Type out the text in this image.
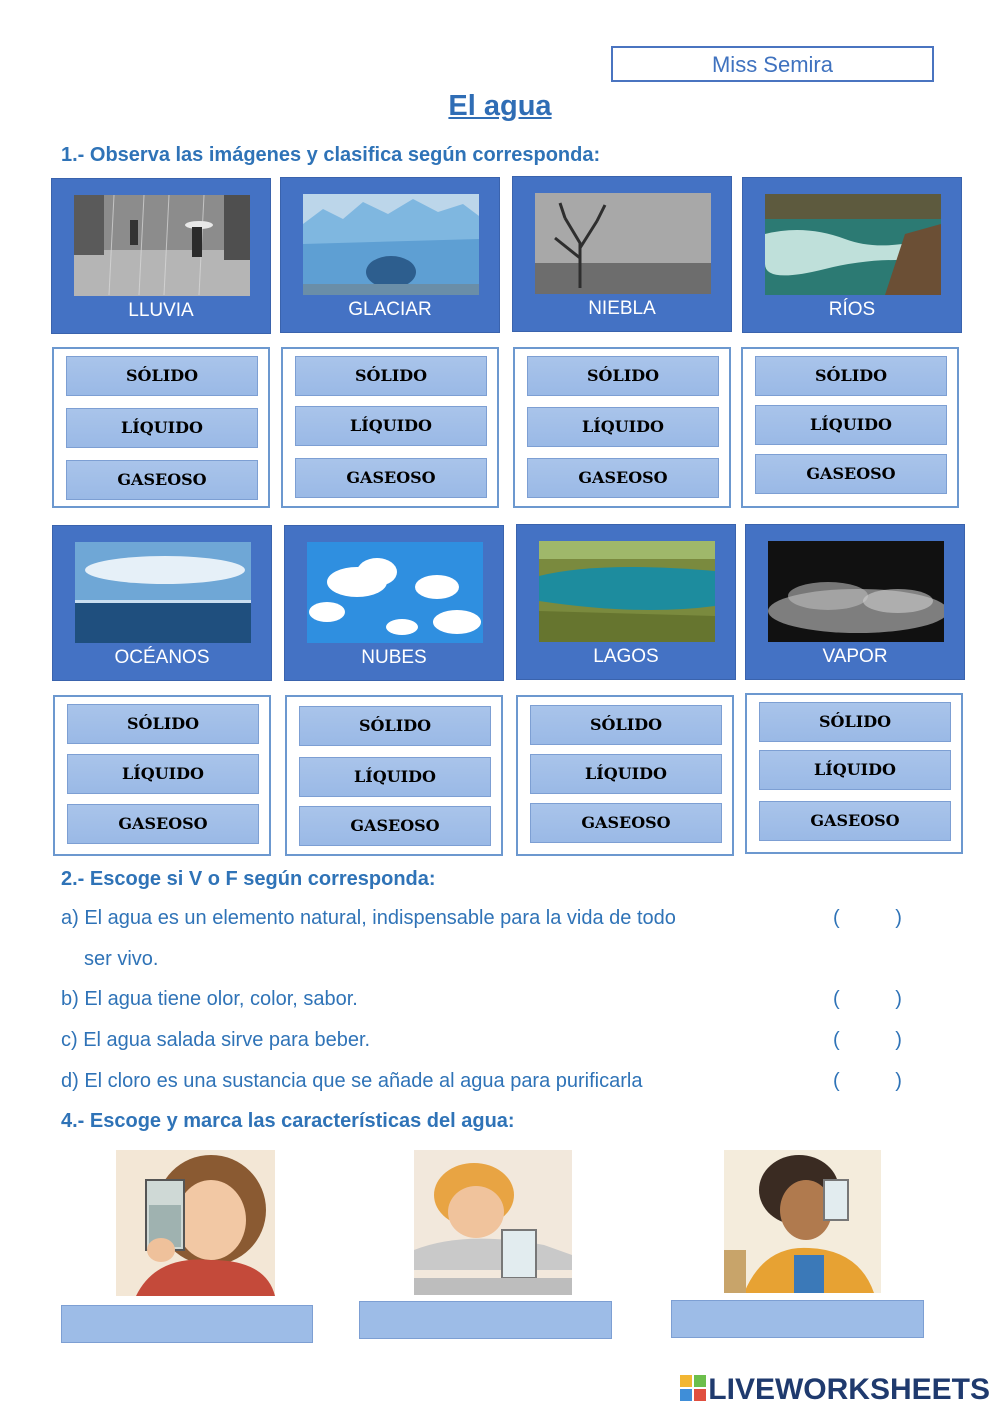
Miss Semira
El agua
1.- Observa las imágenes y clasifica según corresponda:
LLUVIA	GLACIAR	NIEBLA	RÍOS
SÓLIDO
LÍQUIDO
GASEOSO
SÓLIDO
LÍQUIDO
GASEOSO
SÓLIDO
LÍQUIDO
GASEOSO
SÓLIDO
LÍQUIDO
GASEOSO
OCÉANOS	NUBES	LAGOS	VAPOR
SÓLIDO
LÍQUIDO
GASEOSO
SÓLIDO
LÍQUIDO
GASEOSO
SÓLIDO
LÍQUIDO
GASEOSO
SÓLIDO
LÍQUIDO
GASEOSO
2.- Escoge si V o F según corresponda:
a) El agua es un elemento natural, indispensable para la vida de todo
ser vivo.
(          )
b) El agua tiene olor, color, sabor.	(          )
c) El agua salada sirve para beber.	(          )
d) El cloro es una sustancia que se añade al agua para purificarla	(          )
4.- Escoge y marca las características del agua:
LIVEWORKSHEETS
